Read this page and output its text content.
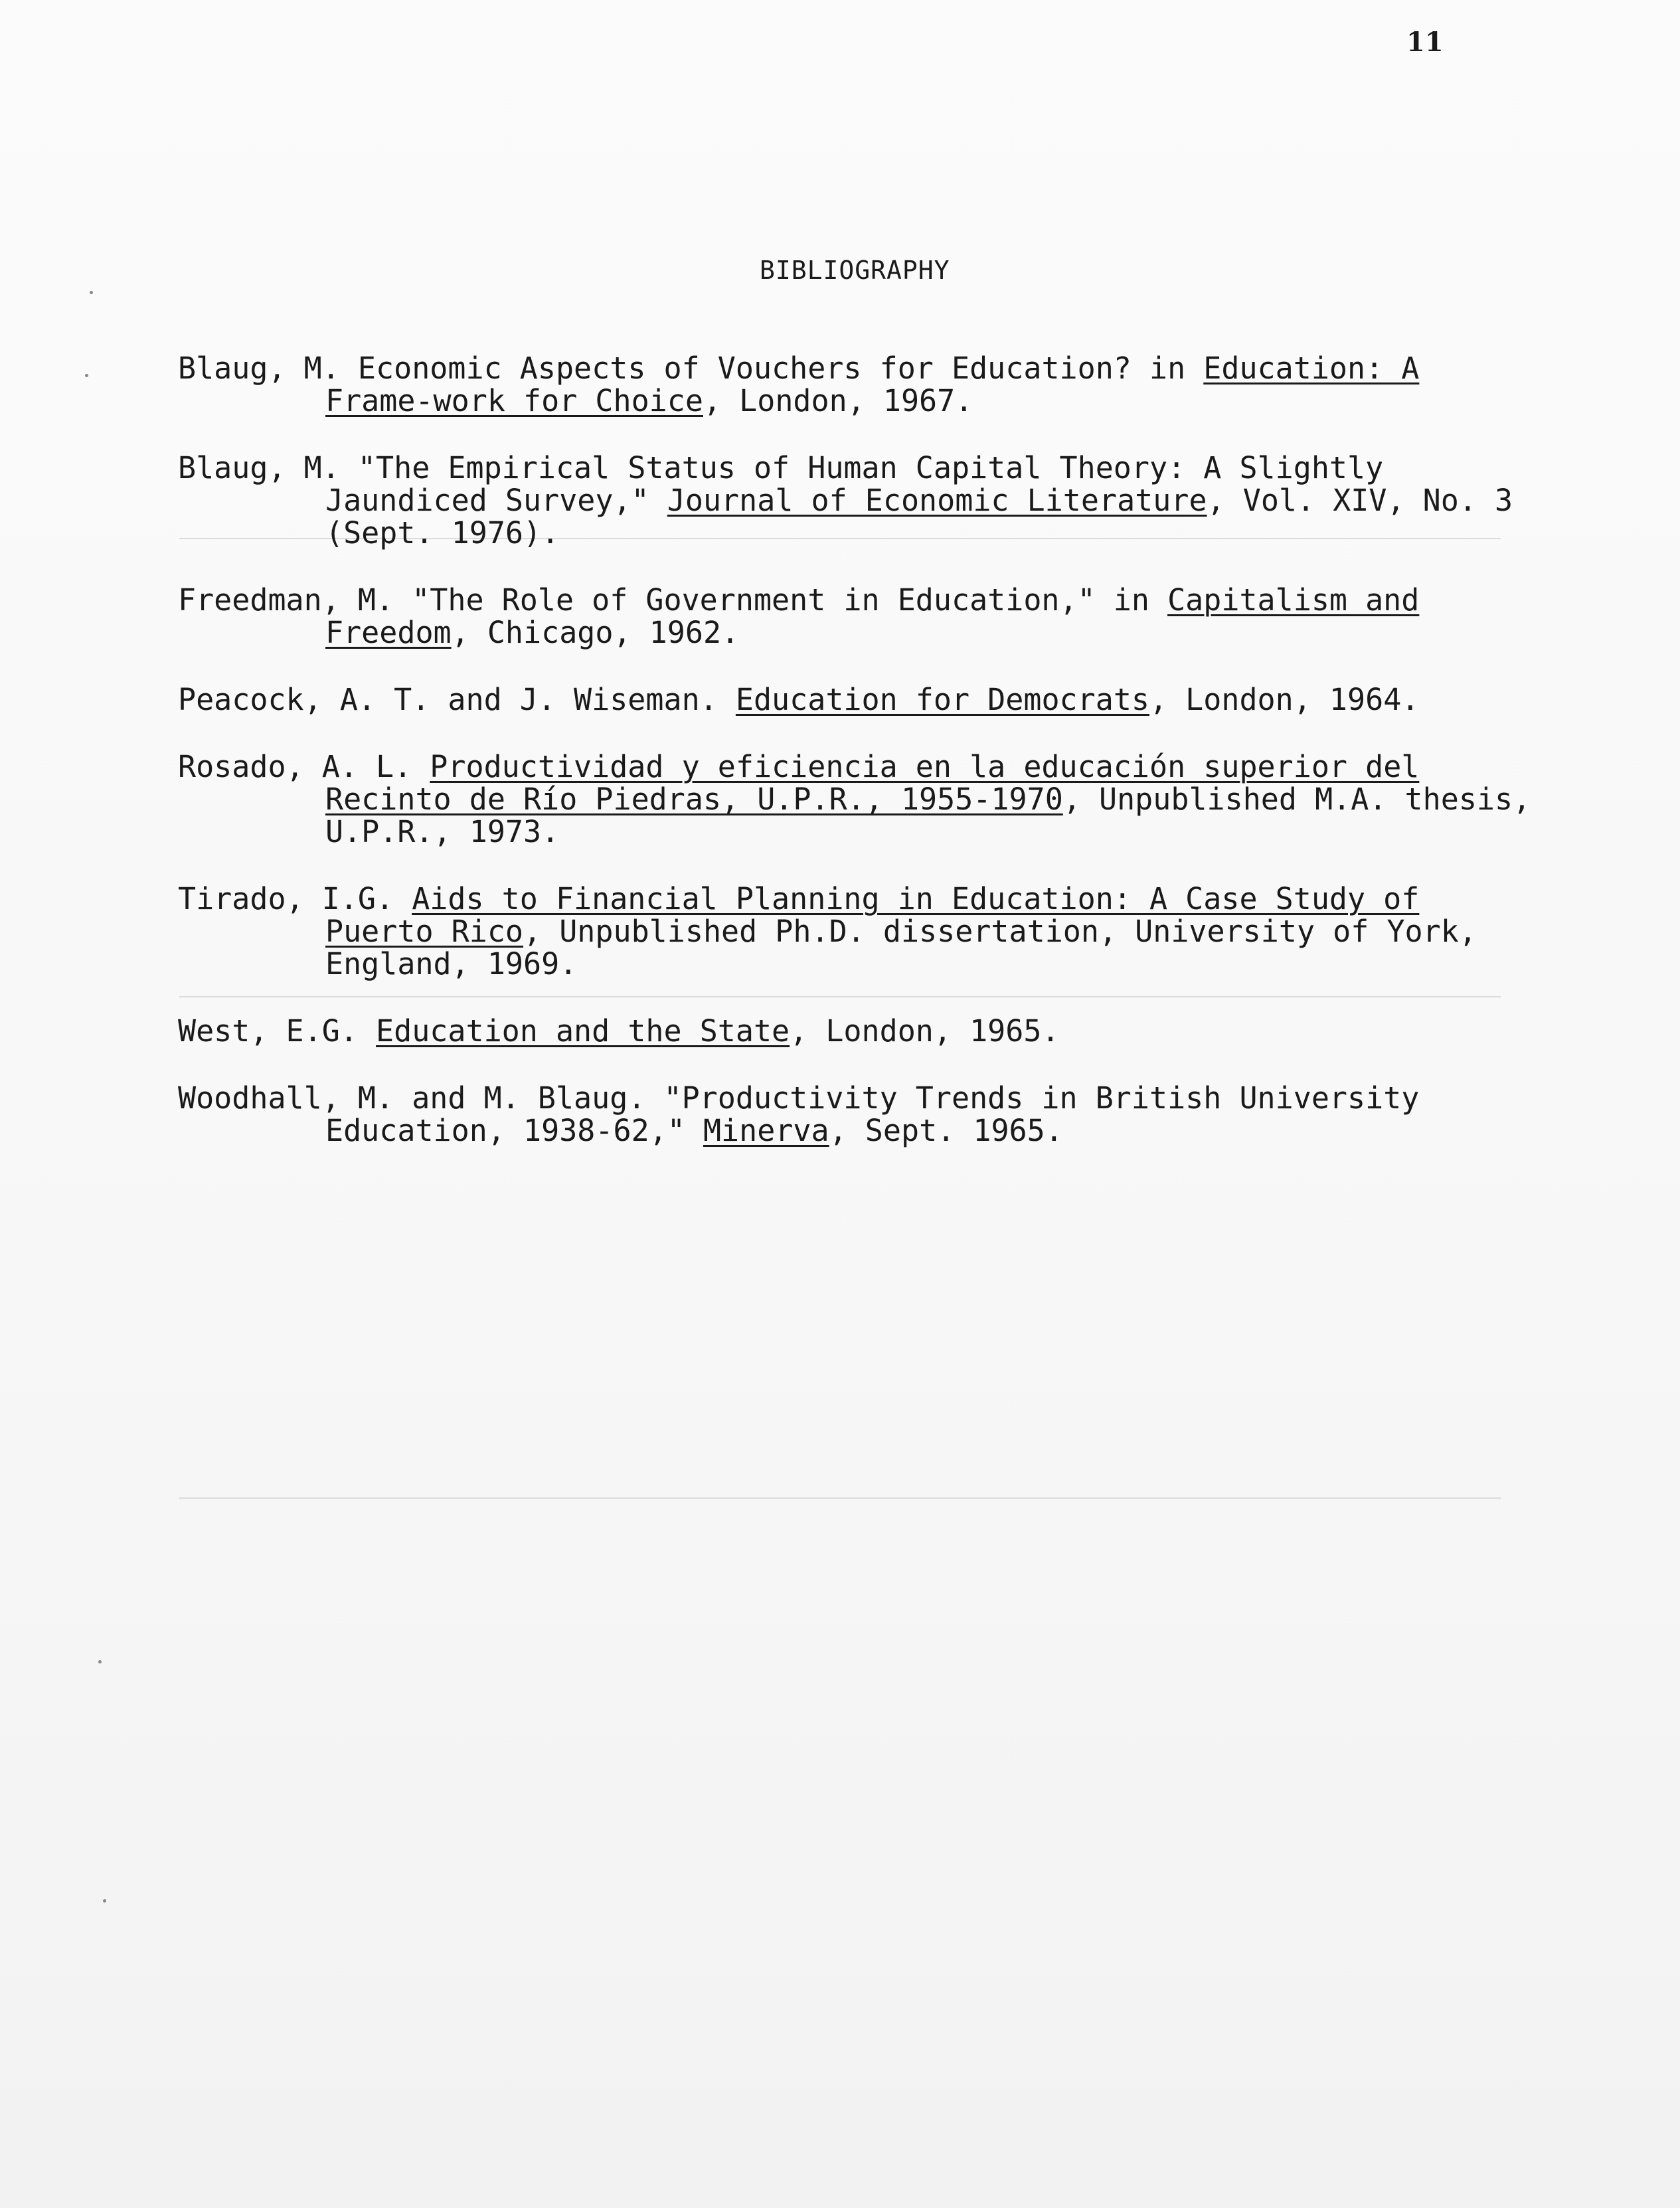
11
BIBLIOGRAPHY
Blaug, M. Economic Aspects of Vouchers for Education? in Education: A Frame-work for Choice, London, 1967.
Blaug, M. "The Empirical Status of Human Capital Theory: A Slightly Jaundiced Survey," Journal of Economic Literature, Vol. XIV, No. 3 (Sept. 1976).
Freedman, M. "The Role of Government in Education," in Capitalism and Freedom, Chicago, 1962.
Peacock, A. T. and J. Wiseman. Education for Democrats, London, 1964.
Rosado, A. L. Productividad y eficiencia en la educación superior del Recinto de Río Piedras, U.P.R., 1955-1970, Unpublished M.A. thesis, U.P.R., 1973.
Tirado, I.G. Aids to Financial Planning in Education: A Case Study of Puerto Rico, Unpublished Ph.D. dissertation, University of York, England, 1969.
West, E.G. Education and the State, London, 1965.
Woodhall, M. and M. Blaug. "Productivity Trends in British University Education, 1938-62," Minerva, Sept. 1965.
